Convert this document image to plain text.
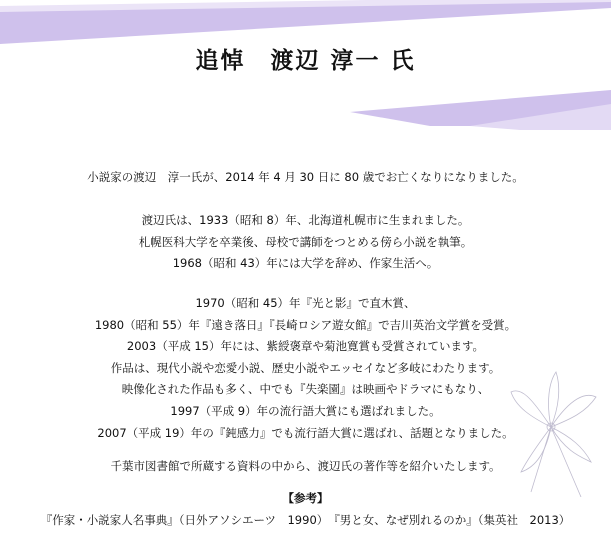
追悼　渡辺 淳一 氏
小説家の渡辺　淳一氏が、2014 年 4 月 30 日に 80 歳でお亡くなりになりました。
渡辺氏は、1933（昭和 8）年、北海道札幌市に生まれました。
札幌医科大学を卒業後、母校で講師をつとめる傍ら小説を執筆。
1968（昭和 43）年には大学を辞め、作家生活へ。
1970（昭和 45）年『光と影』で直木賞、
1980（昭和 55）年『遠き落日』『長崎ロシア遊女館』で吉川英治文学賞を受賞。
2003（平成 15）年には、紫綬褒章や菊池寛賞も受賞されています。
作品は、現代小説や恋愛小説、歴史小説やエッセイなど多岐にわたります。
映像化された作品も多く、中でも『失楽園』は映画やドラマにもなり、
1997（平成 9）年の流行語大賞にも選ばれました。
2007（平成 19）年の『鈍感力』でも流行語大賞に選ばれ、話題となりました。
千葉市図書館で所蔵する資料の中から、渡辺氏の著作等を紹介いたします。
【参考】
『作家・小説家人名事典』（日外アソシエーツ　1990）　『男と女、なぜ別れるのか』（集英社　2013）
